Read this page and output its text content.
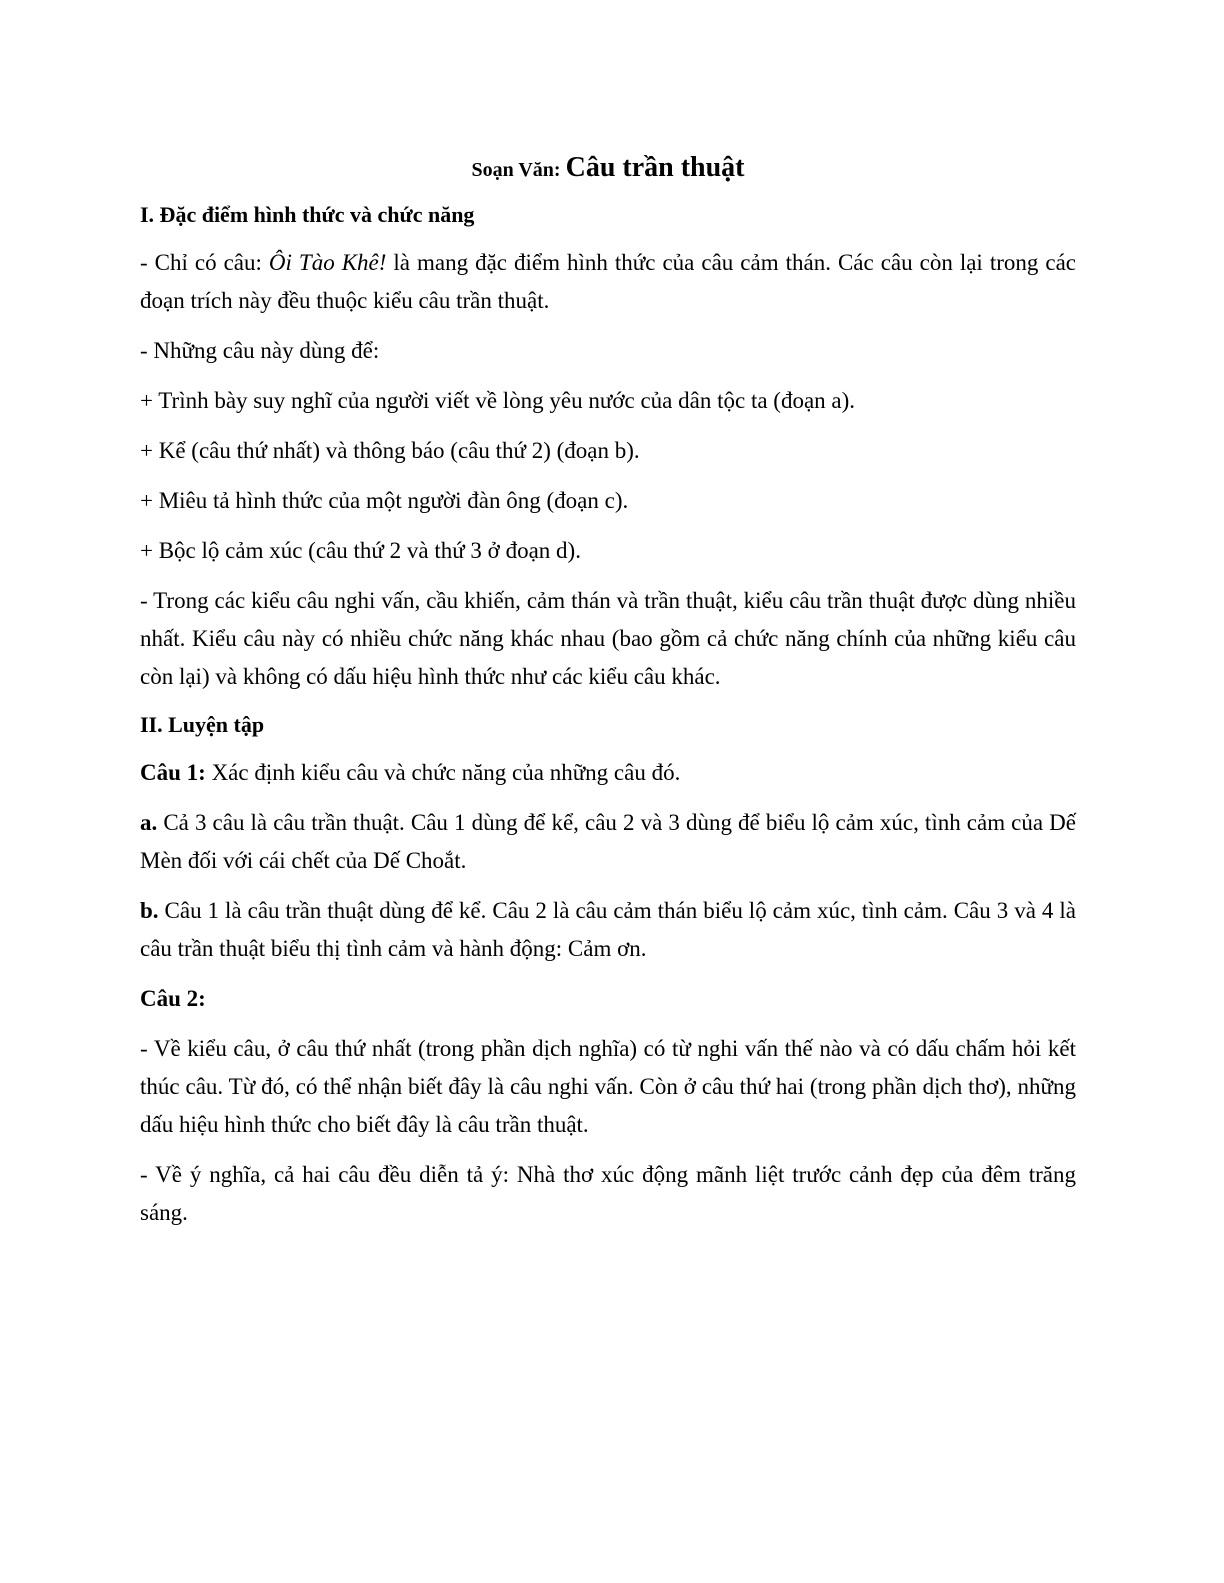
Soạn Văn: Câu trần thuật
I. Đặc điểm hình thức và chức năng

- Chỉ có câu: Ôi Tào Khê! là mang đặc điểm hình thức của câu cảm thán. Các câu còn lại trong các đoạn trích này đều thuộc kiểu câu trần thuật.

- Những câu này dùng để:

+ Trình bày suy nghĩ của người viết về lòng yêu nước của dân tộc ta (đoạn a).

+ Kể (câu thứ nhất) và thông báo (câu thứ 2) (đoạn b).

+ Miêu tả hình thức của một người đàn ông (đoạn c).

+ Bộc lộ cảm xúc (câu thứ 2 và thứ 3 ở đoạn d).

- Trong các kiểu câu nghi vấn, cầu khiến, cảm thán và trần thuật, kiểu câu trần thuật được dùng nhiều nhất. Kiểu câu này có nhiều chức năng khác nhau (bao gồm cả chức năng chính của những kiểu câu còn lại) và không có dấu hiệu hình thức như các kiểu câu khác.

II. Luyện tập

Câu 1: Xác định kiểu câu và chức năng của những câu đó.

a. Cả 3 câu là câu trần thuật. Câu 1 dùng để kể, câu 2 và 3 dùng để biểu lộ cảm xúc, tình cảm của Dế Mèn đối với cái chết của Dế Choắt.

b. Câu 1 là câu trần thuật dùng để kể. Câu 2 là câu cảm thán biểu lộ cảm xúc, tình cảm. Câu 3 và 4 là câu trần thuật biểu thị tình cảm và hành động: Cảm ơn.

Câu 2:

- Về kiểu câu, ở câu thứ nhất (trong phần dịch nghĩa) có từ nghi vấn thế nào và có dấu chấm hỏi kết thúc câu. Từ đó, có thể nhận biết đây là câu nghi vấn. Còn ở câu thứ hai (trong phần dịch thơ), những dấu hiệu hình thức cho biết đây là câu trần thuật.

- Về ý nghĩa, cả hai câu đều diễn tả ý: Nhà thơ xúc động mãnh liệt trước cảnh đẹp của đêm trăng sáng.
